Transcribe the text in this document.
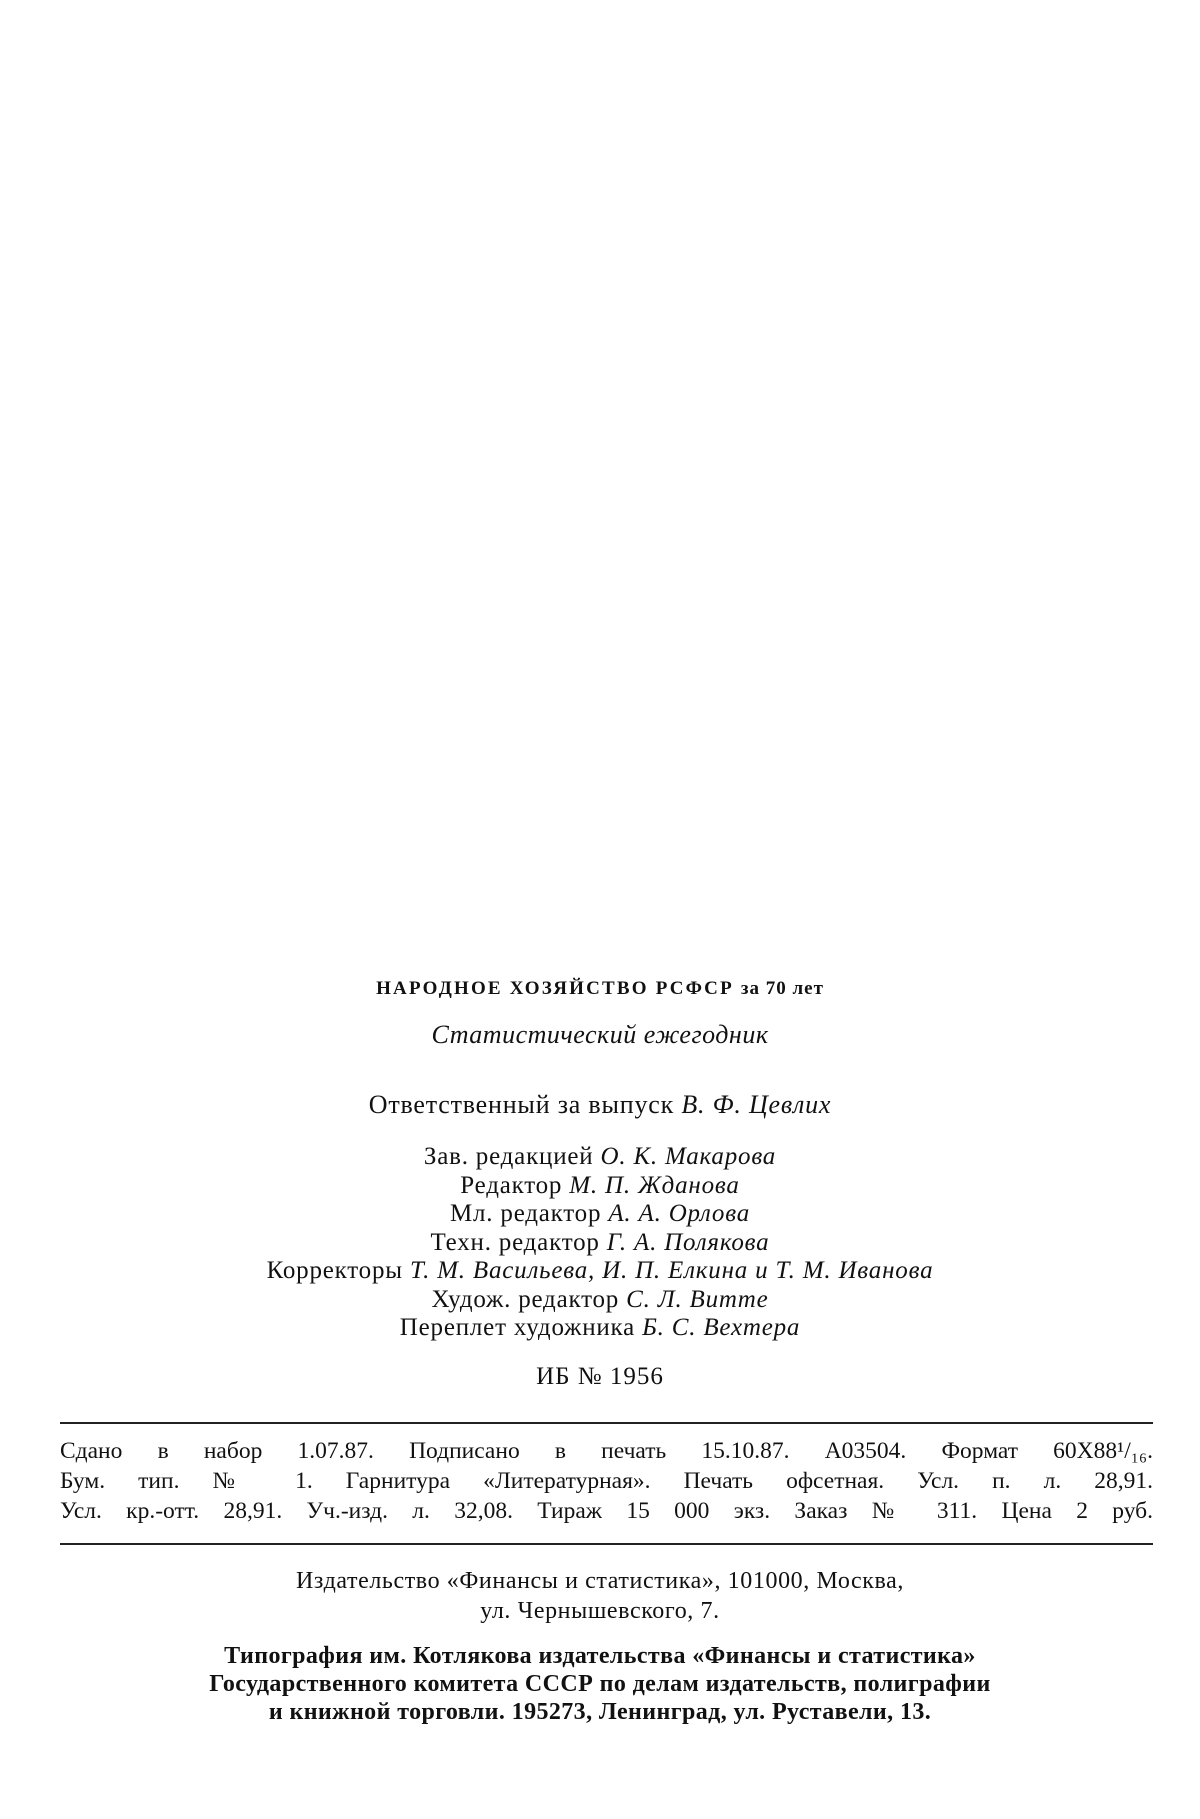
НАРОДНОЕ ХОЗЯЙСТВО РСФСР за 70 лет
Статистический ежегодник
Ответственный за выпуск В. Ф. Цевлих
Зав. редакцией О. К. Макарова
Редактор М. П. Жданова
Мл. редактор А. А. Орлова
Техн. редактор Г. А. Полякова
Корректоры Т. М. Васильева, И. П. Елкина и Т. М. Иванова
Худож. редактор С. Л. Витте
Переплет художника Б. С. Вехтера
ИБ № 1956
Сдано в набор 1.07.87. Подписано в печать 15.10.87. А03504. Формат 60X88¹/₁₆.
Бум. тип. № 1. Гарнитура «Литературная». Печать офсетная. Усл. п. л. 28,91.
Усл. кр.-отт. 28,91. Уч.-изд. л. 32,08. Тираж 15 000 экз. Заказ № 311. Цена 2 руб.
Издательство «Финансы и статистика», 101000, Москва,
ул. Чернышевского, 7.
Типография им. Котлякова издательства «Финансы и статистика»
Государственного комитета СССР по делам издательств, полиграфии
и книжной торговли. 195273, Ленинград, ул. Руставели, 13.
